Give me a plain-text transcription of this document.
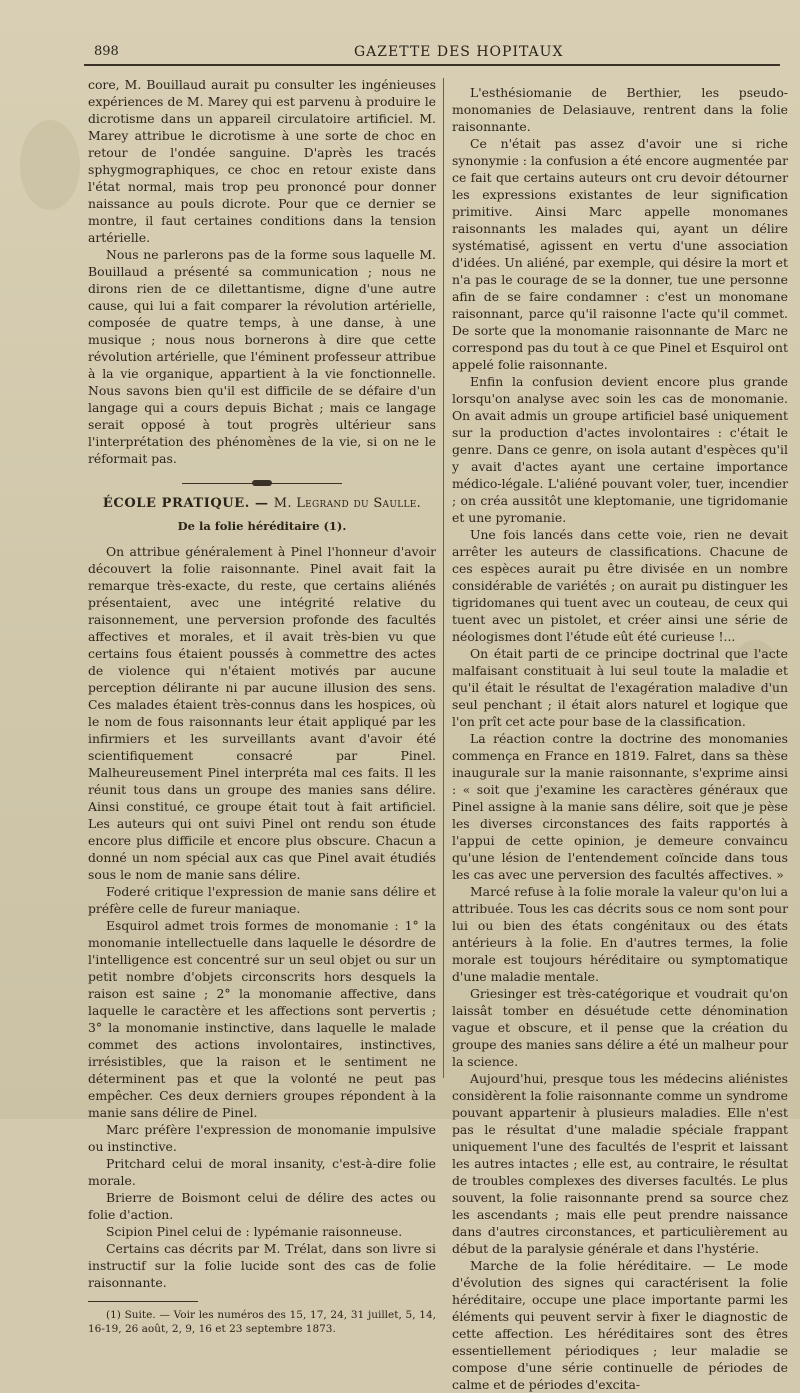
898	GAZETTE DES HOPITAUX

core, M. Bouillaud aurait pu consulter les ingénieuses expériences de M. Marey qui est parvenu à produire le dicrotisme dans un appareil circulatoire artificiel. M. Marey attribue le dicrotisme à une sorte de choc en retour de l'ondée sanguine. D'après les tracés sphygmographiques, ce choc en retour existe dans l'état normal, mais trop peu prononcé pour donner naissance au pouls dicrote. Pour que ce dernier se montre, il faut certaines conditions dans la tension artérielle.

Nous ne parlerons pas de la forme sous laquelle M. Bouillaud a présenté sa communication ; nous ne dirons rien de ce dilettantisme, digne d'une autre cause, qui lui a fait comparer la révolution artérielle, composée de quatre temps, à une danse, à une musique ; nous nous bornerons à dire que cette révolution artérielle, que l'éminent professeur attribue à la vie organique, appartient à la vie fonctionnelle. Nous savons bien qu'il est difficile de se défaire d'un langage qui a cours depuis Bichat ; mais ce langage serait opposé à tout progrès ultérieur sans l'interprétation des phénomènes de la vie, si on ne le réformait pas.

ÉCOLE PRATIQUE. — M. Legrand du Saulle.
De la folie héréditaire (1).

On attribue généralement à Pinel l'honneur d'avoir découvert la folie raisonnante. Pinel avait fait la remarque très-exacte, du reste, que certains aliénés présentaient, avec une intégrité relative du raisonnement, une perversion profonde des facultés affectives et morales, et il avait très-bien vu que certains fous étaient poussés à commettre des actes de violence qui n'étaient motivés par aucune perception délirante ni par aucune illusion des sens. Ces malades étaient très-connus dans les hospices, où le nom de fous raisonnants leur était appliqué par les infirmiers et les surveillants avant d'avoir été scientifiquement consacré par Pinel. Malheureusement Pinel interpréta mal ces faits. Il les réunit tous dans un groupe des manies sans délire. Ainsi constitué, ce groupe était tout à fait artificiel. Les auteurs qui ont suivi Pinel ont rendu son étude encore plus difficile et encore plus obscure. Chacun a donné un nom spécial aux cas que Pinel avait étudiés sous le nom de manie sans délire.

Foderé critique l'expression de manie sans délire et préfère celle de fureur maniaque.

Esquirol admet trois formes de monomanie : 1° la monomanie intellectuelle dans laquelle le désordre de l'intelligence est concentré sur un seul objet ou sur un petit nombre d'objets circonscrits hors desquels la raison est saine ; 2° la monomanie affective, dans laquelle le caractère et les affections sont pervertis ; 3° la monomanie instinctive, dans laquelle le malade commet des actions involontaires, instinctives, irrésistibles, que la raison et le sentiment ne déterminent pas et que la volonté ne peut pas empêcher. Ces deux derniers groupes répondent à la manie sans délire de Pinel.

Marc préfère l'expression de monomanie impulsive ou instinctive.

Pritchard celui de moral insanity, c'est-à-dire folie morale.

Brierre de Boismont celui de délire des actes ou folie d'action.

Scipion Pinel celui de : lypémanie raisonneuse.

Certains cas décrits par M. Trélat, dans son livre si instructif sur la folie lucide sont des cas de folie raisonnante.

(1) Suite. — Voir les numéros des 15, 17, 24, 31 juillet, 5, 14, 16-19, 26 août, 2, 9, 16 et 23 septembre 1873.

L'esthésiomanie de Berthier, les pseudo-monomanies de Delasiauve, rentrent dans la folie raisonnante.

Ce n'était pas assez d'avoir une si riche synonymie : la confusion a été encore augmentée par ce fait que certains auteurs ont cru devoir détourner les expressions existantes de leur signification primitive. Ainsi Marc appelle monomanes raisonnants les malades qui, ayant un délire systématisé, agissent en vertu d'une association d'idées. Un aliéné, par exemple, qui désire la mort et n'a pas le courage de se la donner, tue une personne afin de se faire condamner : c'est un monomane raisonnant, parce qu'il raisonne l'acte qu'il commet. De sorte que la monomanie raisonnante de Marc ne correspond pas du tout à ce que Pinel et Esquirol ont appelé folie raisonnante.

Enfin la confusion devient encore plus grande lorsqu'on analyse avec soin les cas de monomanie. On avait admis un groupe artificiel basé uniquement sur la production d'actes involontaires : c'était le genre. Dans ce genre, on isola autant d'espèces qu'il y avait d'actes ayant une certaine importance médico-légale. L'aliéné pouvant voler, tuer, incendier ; on créa aussitôt une kleptomanie, une tigridomanie et une pyromanie.

Une fois lancés dans cette voie, rien ne devait arrêter les auteurs de classifications. Chacune de ces espèces aurait pu être divisée en un nombre considérable de variétés ; on aurait pu distinguer les tigridomanes qui tuent avec un couteau, de ceux qui tuent avec un pistolet, et créer ainsi une série de néologismes dont l'étude eût été curieuse !...

On était parti de ce principe doctrinal que l'acte malfaisant constituait à lui seul toute la maladie et qu'il était le résultat de l'exagération maladive d'un seul penchant ; il était alors naturel et logique que l'on prît cet acte pour base de la classification.

La réaction contre la doctrine des monomanies commença en France en 1819. Falret, dans sa thèse inaugurale sur la manie raisonnante, s'exprime ainsi : « soit que j'examine les caractères généraux que Pinel assigne à la manie sans délire, soit que je pèse les diverses circonstances des faits rapportés à l'appui de cette opinion, je demeure convaincu qu'une lésion de l'entendement coïncide dans tous les cas avec une perversion des facultés affectives. »

Marcé refuse à la folie morale la valeur qu'on lui a attribuée. Tous les cas décrits sous ce nom sont pour lui ou bien des états congénitaux ou des états antérieurs à la folie. En d'autres termes, la folie morale est toujours héréditaire ou symptomatique d'une maladie mentale.

Griesinger est très-catégorique et voudrait qu'on laissât tomber en désuétude cette dénomination vague et obscure, et il pense que la création du groupe des manies sans délire a été un malheur pour la science.

Aujourd'hui, presque tous les médecins aliénistes considèrent la folie raisonnante comme un syndrome pouvant appartenir à plusieurs maladies. Elle n'est pas le résultat d'une maladie spéciale frappant uniquement l'une des facultés de l'esprit et laissant les autres intactes ; elle est, au contraire, le résultat de troubles complexes des diverses facultés. Le plus souvent, la folie raisonnante prend sa source chez les ascendants ; mais elle peut prendre naissance dans d'autres circonstances, et particulièrement au début de la paralysie générale et dans l'hystérie.

Marche de la folie héréditaire. — Le mode d'évolution des signes qui caractérisent la folie héréditaire, occupe une place importante parmi les éléments qui peuvent servir à fixer le diagnostic de cette affection. Les héréditaires sont des êtres essentiellement périodiques ; leur maladie se compose d'une série continuelle de périodes de calme et de périodes d'excita-
